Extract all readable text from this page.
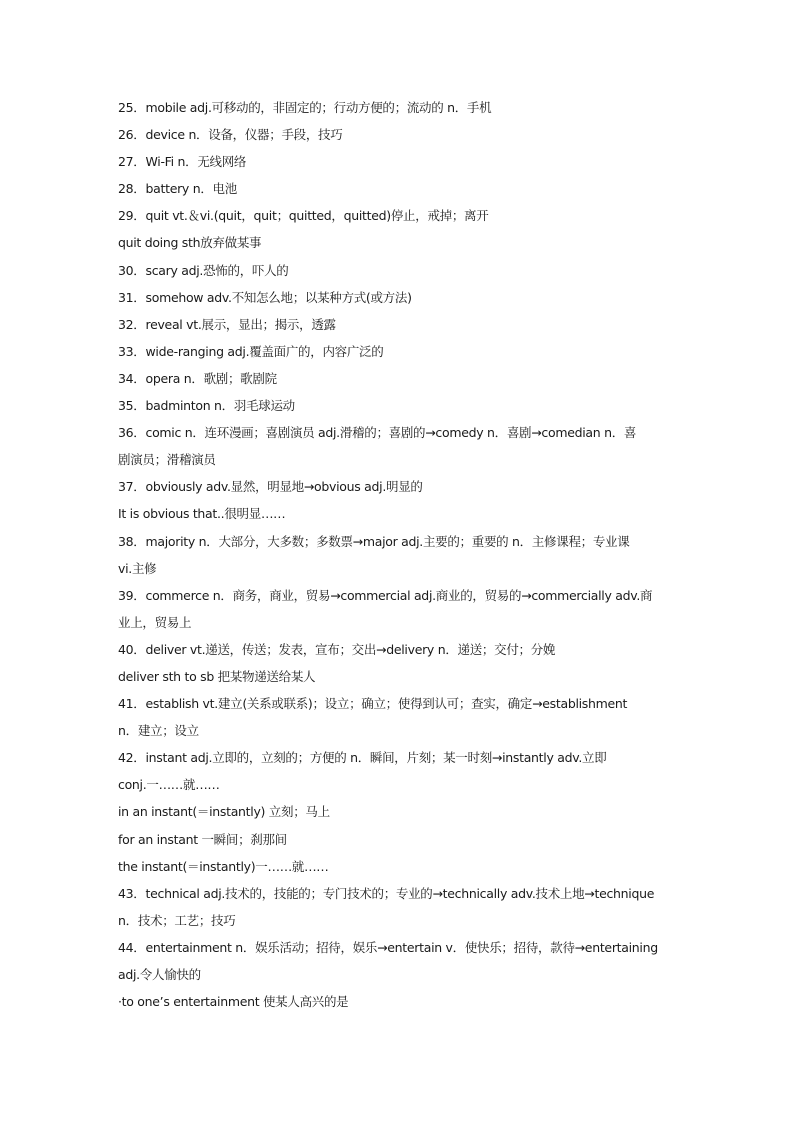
25．mobile adj.可移动的，非固定的；行动方便的；流动的 n．手机
26．device n．设备，仪器；手段，技巧
27．Wi-Fi n．无线网络
28．battery n．电池
29．quit vt.＆vi.(quit，quit；quitted，quitted)停止，戒掉；离开
quit doing sth放弃做某事
30．scary adj.恐怖的，吓人的
31．somehow adv.不知怎么地；以某种方式(或方法)
32．reveal vt.展示，显出；揭示，透露
33．wide-ranging adj.覆盖面广的，内容广泛的
34．opera n．歌剧；歌剧院
35．badminton n．羽毛球运动
36．comic n．连环漫画；喜剧演员 adj.滑稽的；喜剧的→comedy n．喜剧→comedian n．喜
剧演员；滑稽演员
37．obviously adv.显然，明显地→obvious adj.明显的
It is obvious that..很明显……
38．majority n．大部分，大多数；多数票→major adj.主要的；重要的 n．主修课程；专业课
vi.主修
39．commerce n．商务，商业，贸易→commercial adj.商业的，贸易的→commercially adv.商
业上，贸易上
40．deliver vt.递送，传送；发表，宣布；交出→delivery n．递送；交付；分娩
deliver sth to sb 把某物递送给某人
41．establish vt.建立(关系或联系)；设立；确立；使得到认可；查实，确定→establishment
n．建立；设立
42．instant adj.立即的，立刻的；方便的 n．瞬间，片刻；某一时刻→instantly adv.立即
conj.一……就……
in an instant(＝instantly) 立刻；马上
for an instant 一瞬间；刹那间
the instant(＝instantly)一……就……
43．technical adj.技术的，技能的；专门技术的；专业的→technically adv.技术上地→technique
n．技术；工艺；技巧
44．entertainment n．娱乐活动；招待，娱乐→entertain v．使快乐；招待，款待→entertaining
adj.令人愉快的
·to one’s entertainment 使某人高兴的是
